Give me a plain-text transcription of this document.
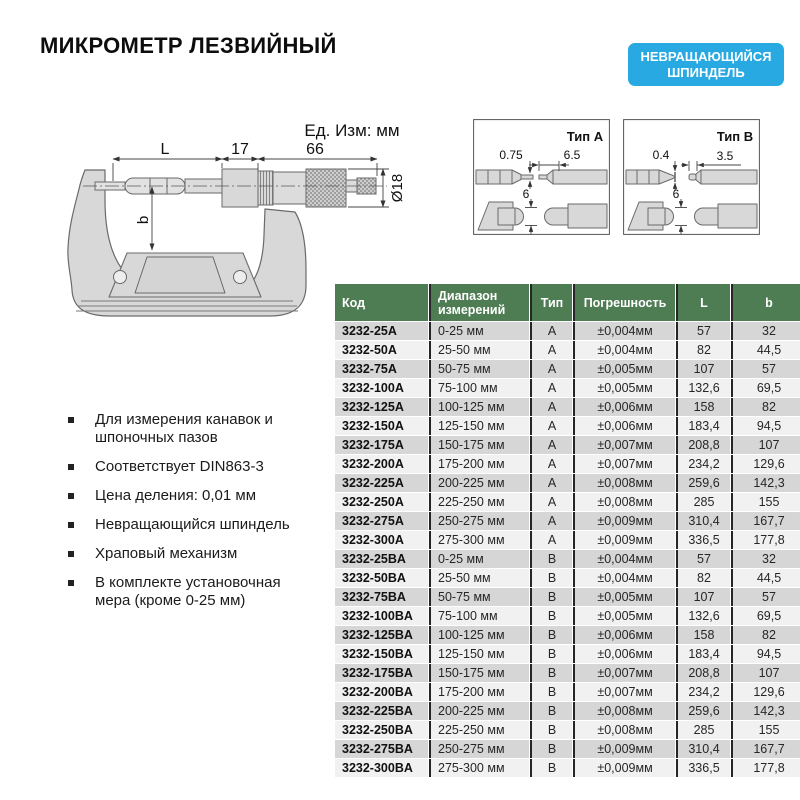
МИКРОМЕТР ЛЕЗВИЙНЫЙ	НЕВРАЩАЮЩИЙСЯ
ШПИНДЕЛЬ
Ед. Изм: мм
L	17	66
Ø18
b
Тип A
0.75	6.5
6
Тип B
0.4	3.5
6
Для измерения канавок и шпоночных пазов
Соответствует DIN863-3
Цена деления: 0,01 мм
Невращающийся шпиндель
Храповый механизм
В комплекте установочная мера (кроме 0-25 мм)
Код	Диапазон измерений	Тип	Погрешность	L	b
3232-25A	0-25 мм	A	±0,004мм	57	32
3232-50A	25-50 мм	A	±0,004мм	82	44,5
3232-75A	50-75 мм	A	±0,005мм	107	57
3232-100A	75-100 мм	A	±0,005мм	132,6	69,5
3232-125A	100-125 мм	A	±0,006мм	158	82
3232-150A	125-150 мм	A	±0,006мм	183,4	94,5
3232-175A	150-175 мм	A	±0,007мм	208,8	107
3232-200A	175-200 мм	A	±0,007мм	234,2	129,6
3232-225A	200-225 мм	A	±0,008мм	259,6	142,3
3232-250A	225-250 мм	A	±0,008мм	285	155
3232-275A	250-275 мм	A	±0,009мм	310,4	167,7
3232-300A	275-300 мм	A	±0,009мм	336,5	177,8
3232-25BA	0-25 мм	B	±0,004мм	57	32
3232-50BA	25-50 мм	B	±0,004мм	82	44,5
3232-75BA	50-75 мм	B	±0,005мм	107	57
3232-100BA	75-100 мм	B	±0,005мм	132,6	69,5
3232-125BA	100-125 мм	B	±0,006мм	158	82
3232-150BA	125-150 мм	B	±0,006мм	183,4	94,5
3232-175BA	150-175 мм	B	±0,007мм	208,8	107
3232-200BA	175-200 мм	B	±0,007мм	234,2	129,6
3232-225BA	200-225 мм	B	±0,008мм	259,6	142,3
3232-250BA	225-250 мм	B	±0,008мм	285	155
3232-275BA	250-275 мм	B	±0,009мм	310,4	167,7
3232-300BA	275-300 мм	B	±0,009мм	336,5	177,8
